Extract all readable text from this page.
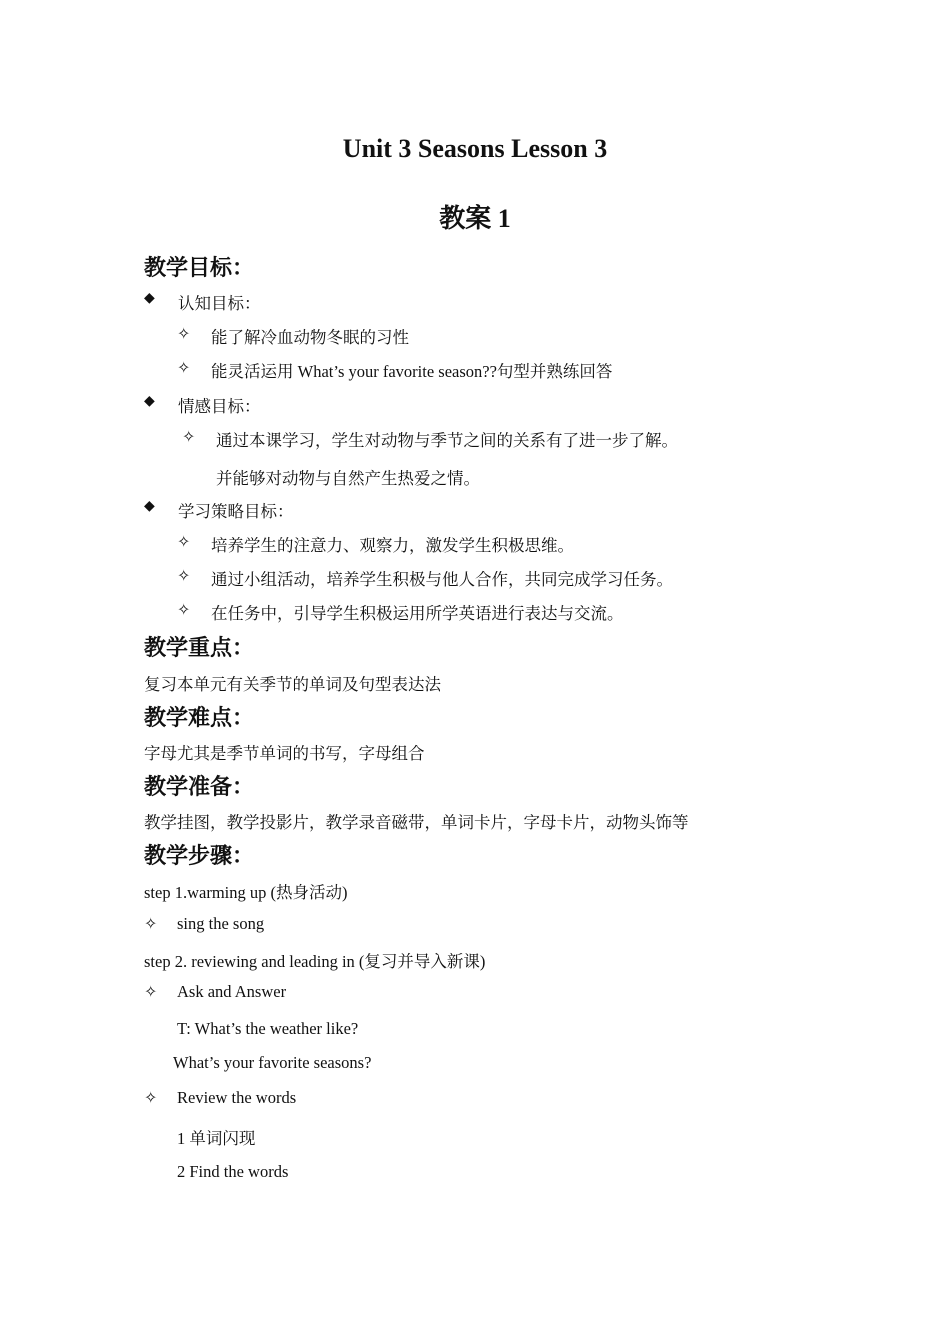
Unit 3 Seasons Lesson 3
教案 1
教学目标：
◆ 认知目标：
✧ 能了解冷血动物冬眠的习性
✧ 能灵活运用 What’s your favorite season??句型并熟练回答
◆ 情感目标：
✧ 通过本课学习，学生对动物与季节之间的关系有了进一步了解。
并能够对动物与自然产生热爱之情。
◆ 学习策略目标：
✧ 培养学生的注意力、观察力，激发学生积极思维。
✧ 通过小组活动，培养学生积极与他人合作，共同完成学习任务。
✧ 在任务中，引导学生积极运用所学英语进行表达与交流。
教学重点：
复习本单元有关季节的单词及句型表达法
教学难点：
字母尤其是季节单词的书写，字母组合
教学准备：
教学挂图，教学投影片，教学录音磁带，单词卡片，字母卡片，动物头饰等
教学步骤：
step 1.warming up (热身活动)
✧ sing the song
step 2. reviewing and leading in (复习并导入新课)
✧ Ask and Answer
T: What’s the weather like?
What’s your favorite seasons?
✧ Review the words
1 单词闪现
2 Find the words
